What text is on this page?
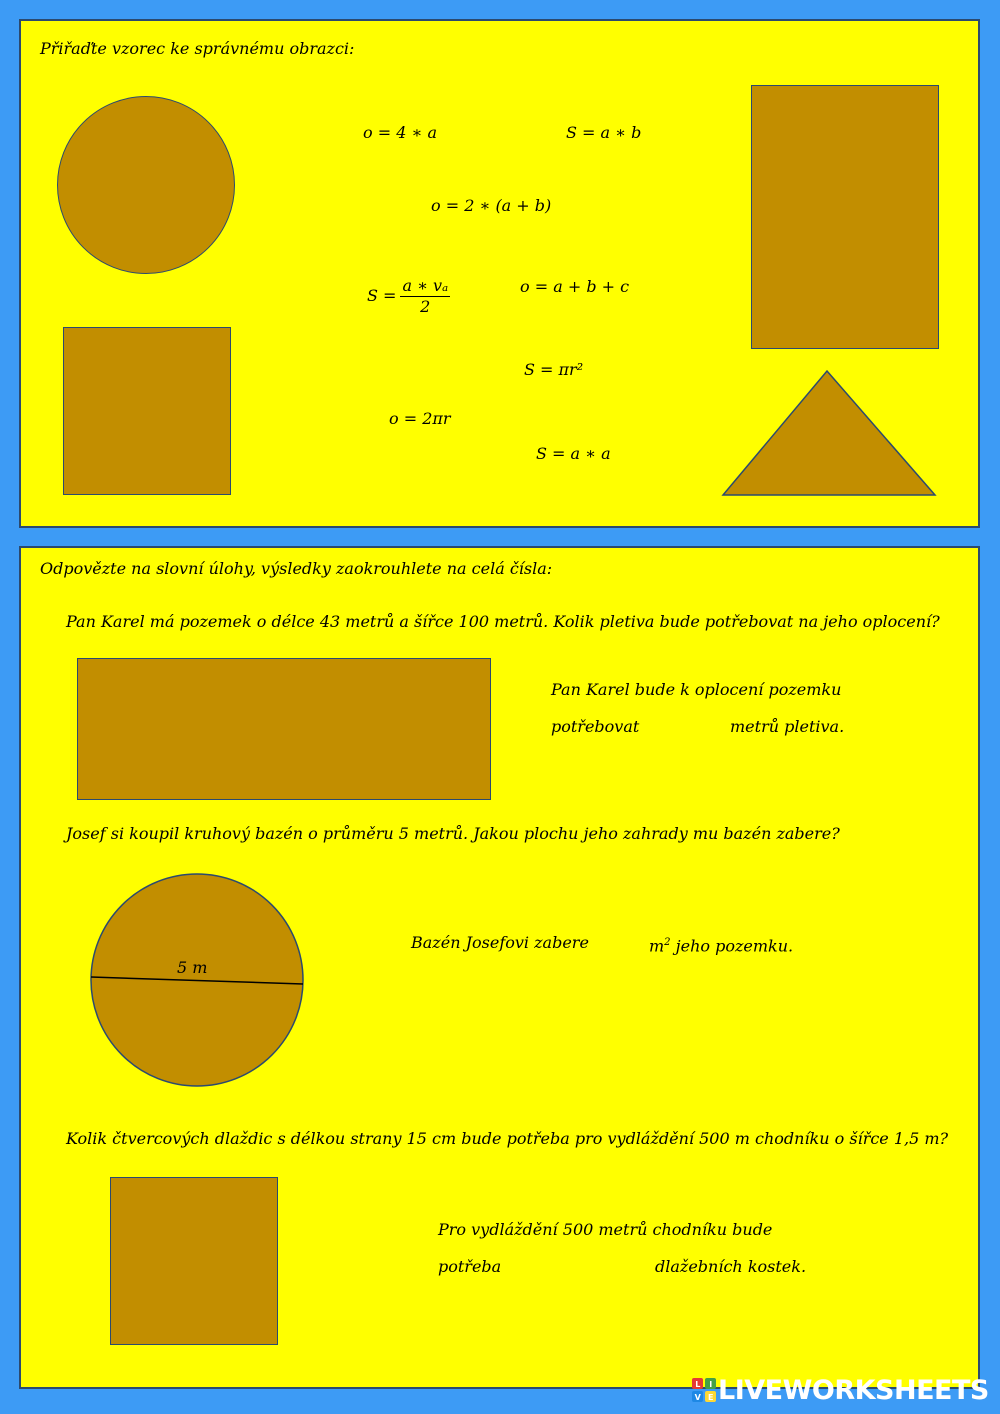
Přiřaďte vzorec ke správnému obrazci:
o = 4 ∗ a	S = a ∗ b
o = 2 ∗ (a + b)
$S = \frac{\text{a ∗ vₐ}}{2}$	o = a + b + c
S = πr²
o = 2πr
S = a ∗ a
Odpovězte na slovní úlohy, výsledky zaokrouhlete na celá čísla:
Pan Karel má pozemek o délce 43 metrů a šířce 100 metrů. Kolik pletiva bude potřebovat na jeho oplocení?
Pan Karel bude k oplocení pozemku
potřebovat	metrů pletiva.
Josef si koupil kruhový bazén o průměru 5 metrů. Jakou plochu jeho zahrady mu bazén zabere?
5 m
Bazén Josefovi zabere	$m^2$ jeho pozemku.
Kolik čtvercových dlaždic s délkou strany 15 cm bude potřeba pro vydláždění 500 m chodníku o šířce 1,5 m?
Pro vydláždění 500 metrů chodníku bude
potřeba	dlažebních kostek.
L I
V E LIVEWORKSHEETS
